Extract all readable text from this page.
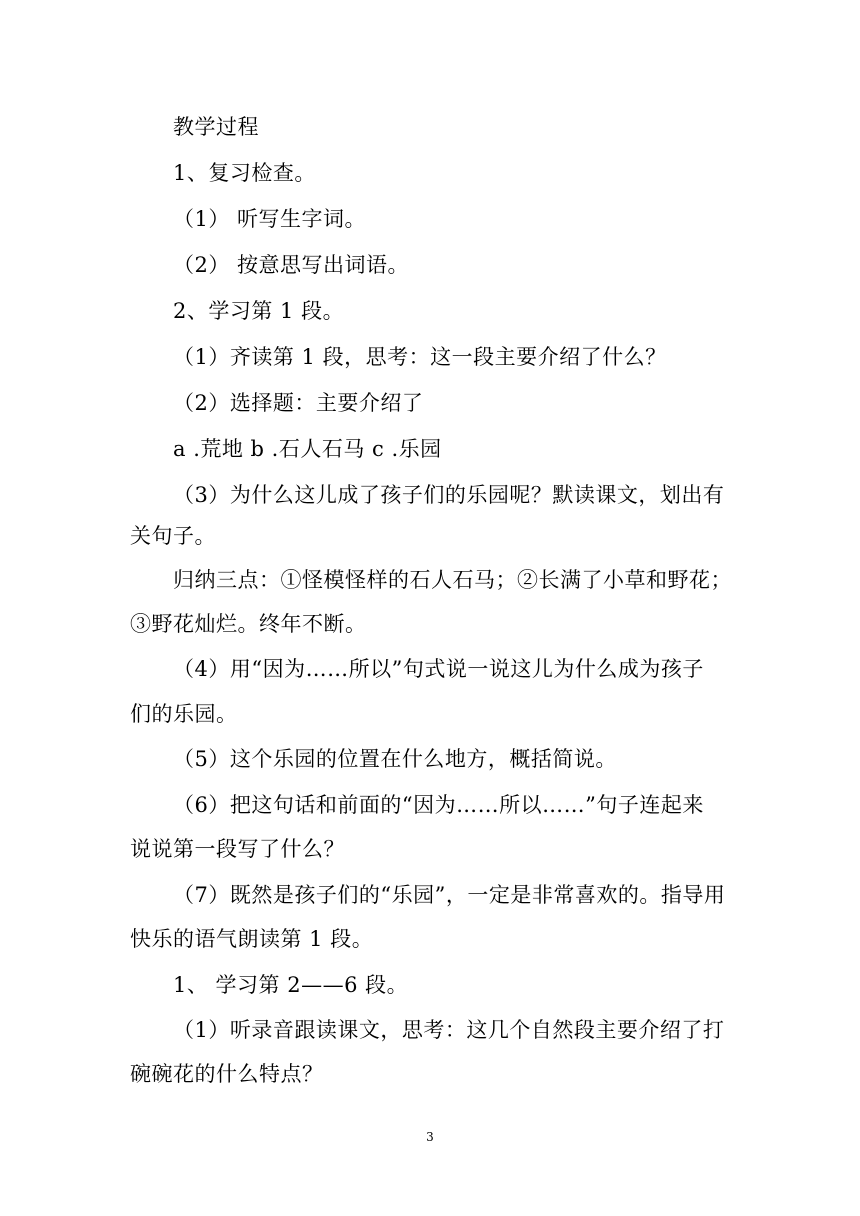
教学过程
1、复习检查。
（1） 听写生字词。
（2） 按意思写出词语。
2、学习第 1 段。
（1）齐读第 1 段，思考：这一段主要介绍了什么？
（2）选择题：主要介绍了
a .荒地 b .石人石马 c .乐园
（3）为什么这儿成了孩子们的乐园呢？默读课文，划出有
关句子。
归纳三点：①怪模怪样的石人石马；②长满了小草和野花；
③野花灿烂。终年不断。
（4）用“因为……所以”句式说一说这儿为什么成为孩子
们的乐园。
（5）这个乐园的位置在什么地方，概括简说。
（6）把这句话和前面的“因为……所以……”句子连起来
说说第一段写了什么？
（7）既然是孩子们的“乐园”，一定是非常喜欢的。指导用
快乐的语气朗读第 1 段。
1、 学习第 2——6 段。
（1）听录音跟读课文，思考：这几个自然段主要介绍了打
碗碗花的什么特点？
3
